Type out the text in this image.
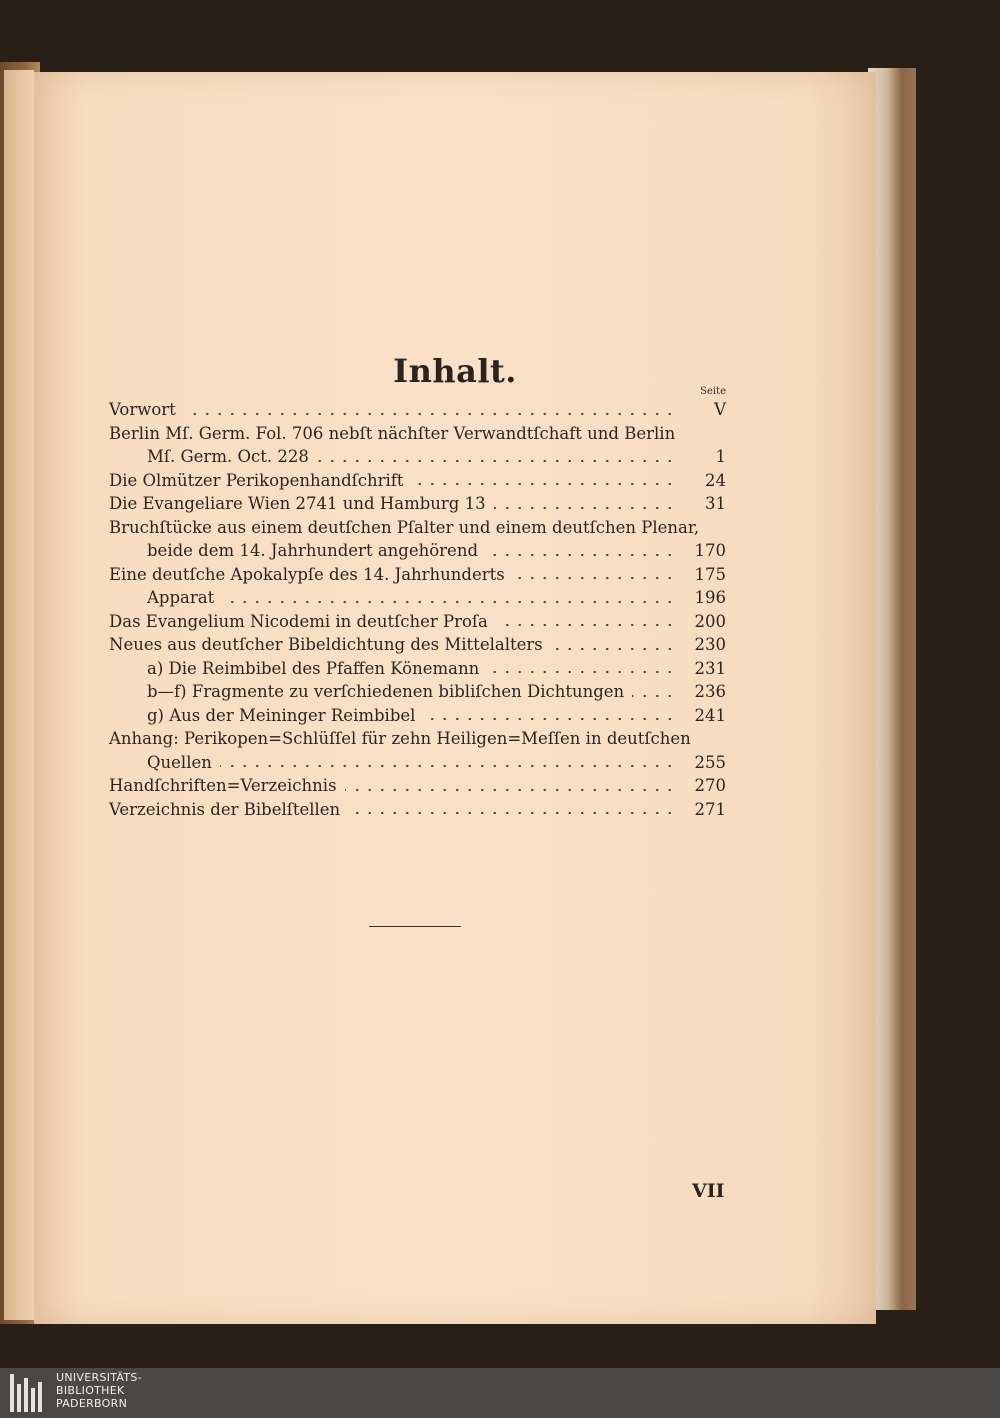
Inhalt.
Seite
Vorwort	V
Berlin Mſ. Germ. Fol. 706 nebſt nächſter Verwandtſchaft und Berlin
Mſ. Germ. Oct. 228	1
Die Olmützer Perikopenhandſchrift	24
Die Evangeliare Wien 2741 und Hamburg 13	31
Bruchſtücke aus einem deutſchen Pſalter und einem deutſchen Plenar,
beide dem 14. Jahrhundert angehörend	170
Eine deutſche Apokalypſe des 14. Jahrhunderts	175
Apparat	196
Das Evangelium Nicodemi in deutſcher Proſa	200
Neues aus deutſcher Bibeldichtung des Mittelalters	230
a) Die Reimbibel des Pfaffen Könemann	231
b—f) Fragmente zu verſchiedenen bibliſchen Dichtungen	236
g) Aus der Meininger Reimbibel	241
Anhang: Perikopen=Schlüſſel für zehn Heiligen=Meſſen in deutſchen
Quellen	255
Handſchriften=Verzeichnis	270
Verzeichnis der Bibelſtellen	271
VII
UNIVERSITÄTS-
BIBLIOTHEK
PADERBORN
